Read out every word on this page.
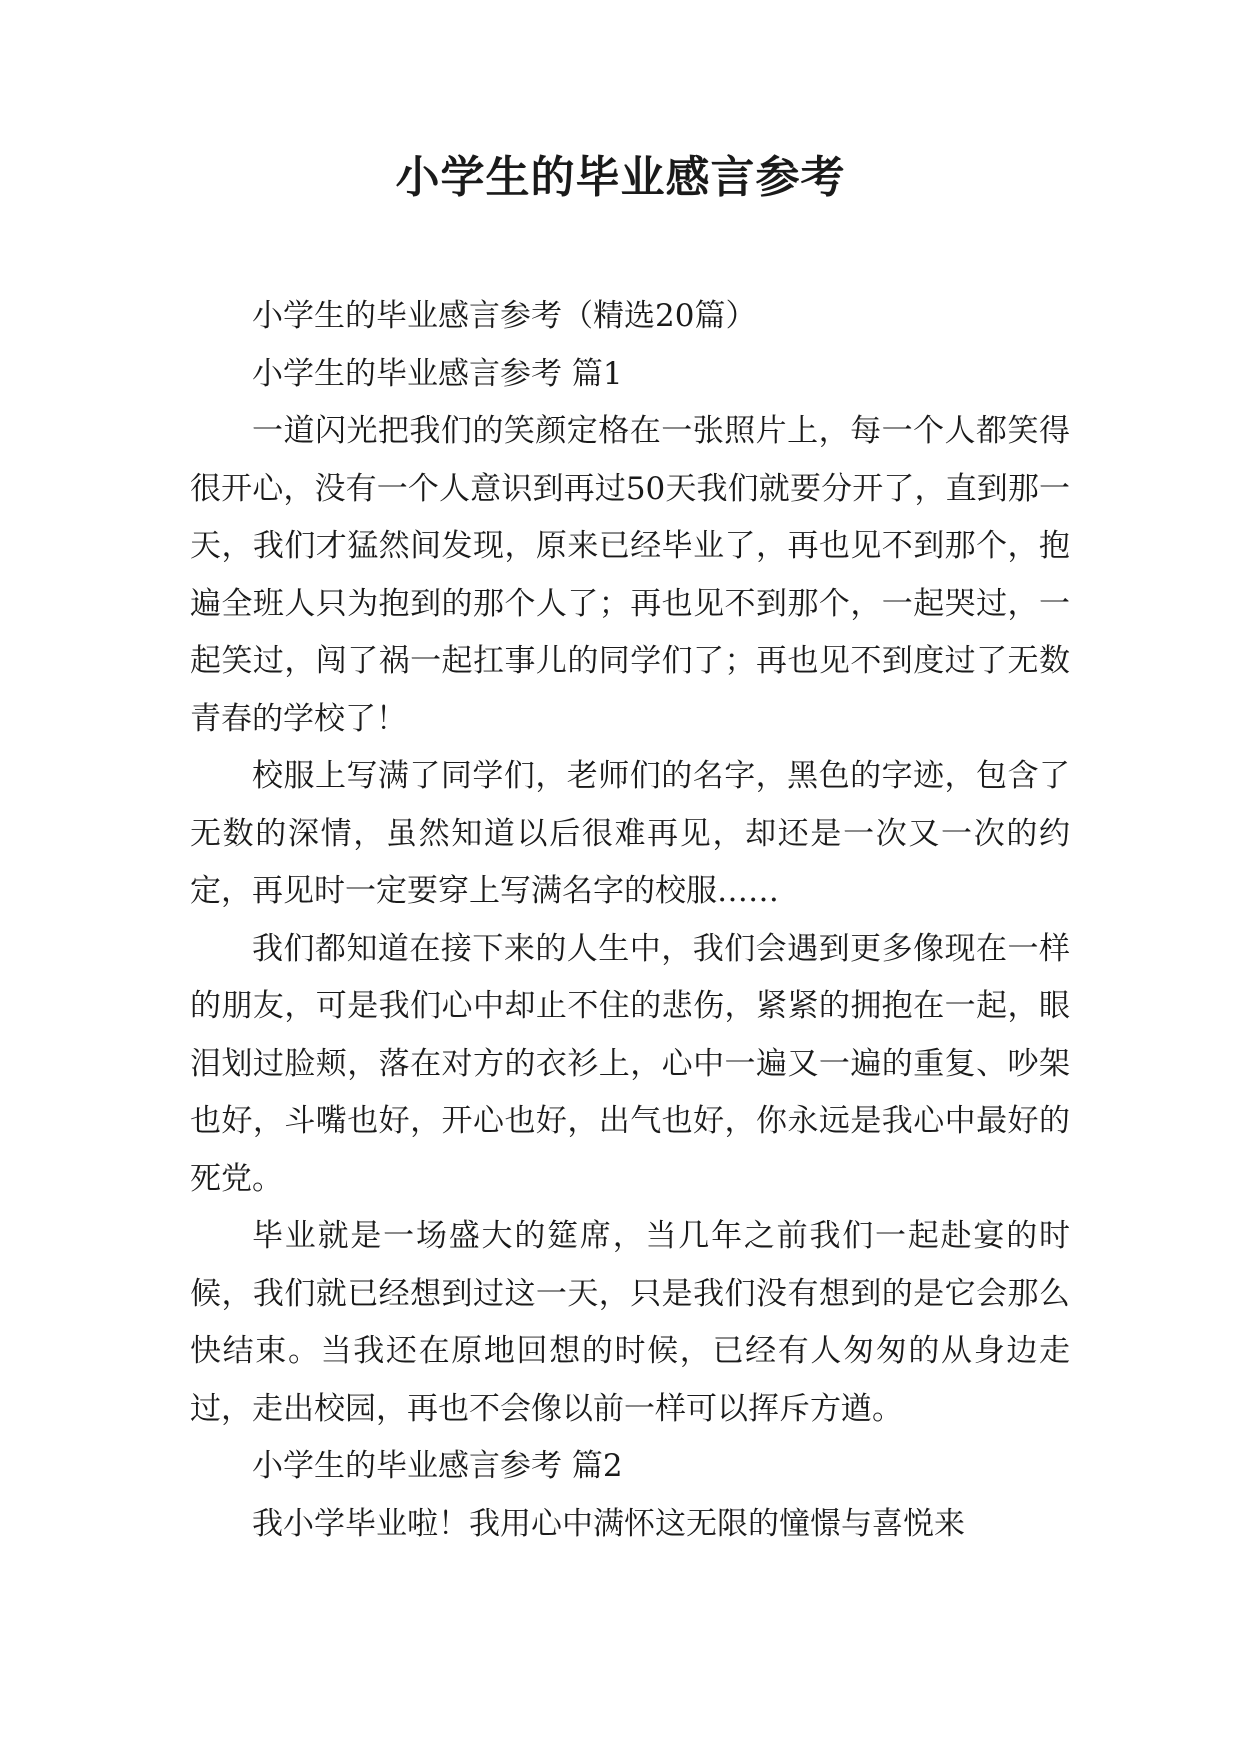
小学生的毕业感言参考

小学生的毕业感言参考（精选20篇）

小学生的毕业感言参考 篇1

一道闪光把我们的笑颜定格在一张照片上，每一个人都笑得很开心，没有一个人意识到再过50天我们就要分开了，直到那一天，我们才猛然间发现，原来已经毕业了，再也见不到那个，抱遍全班人只为抱到的那个人了；再也见不到那个，一起哭过，一起笑过，闯了祸一起扛事儿的同学们了；再也见不到度过了无数青春的学校了！

校服上写满了同学们，老师们的名字，黑色的字迹，包含了无数的深情，虽然知道以后很难再见，却还是一次又一次的约定，再见时一定要穿上写满名字的校服……

我们都知道在接下来的人生中，我们会遇到更多像现在一样的朋友，可是我们心中却止不住的悲伤，紧紧的拥抱在一起，眼泪划过脸颊，落在对方的衣衫上，心中一遍又一遍的重复、吵架也好，斗嘴也好，开心也好，出气也好，你永远是我心中最好的死党。

毕业就是一场盛大的筵席，当几年之前我们一起赴宴的时候，我们就已经想到过这一天，只是我们没有想到的是它会那么快结束。当我还在原地回想的时候，已经有人匆匆的从身边走过，走出校园，再也不会像以前一样可以挥斥方遒。

小学生的毕业感言参考 篇2

我小学毕业啦！我用心中满怀这无限的憧憬与喜悦来
